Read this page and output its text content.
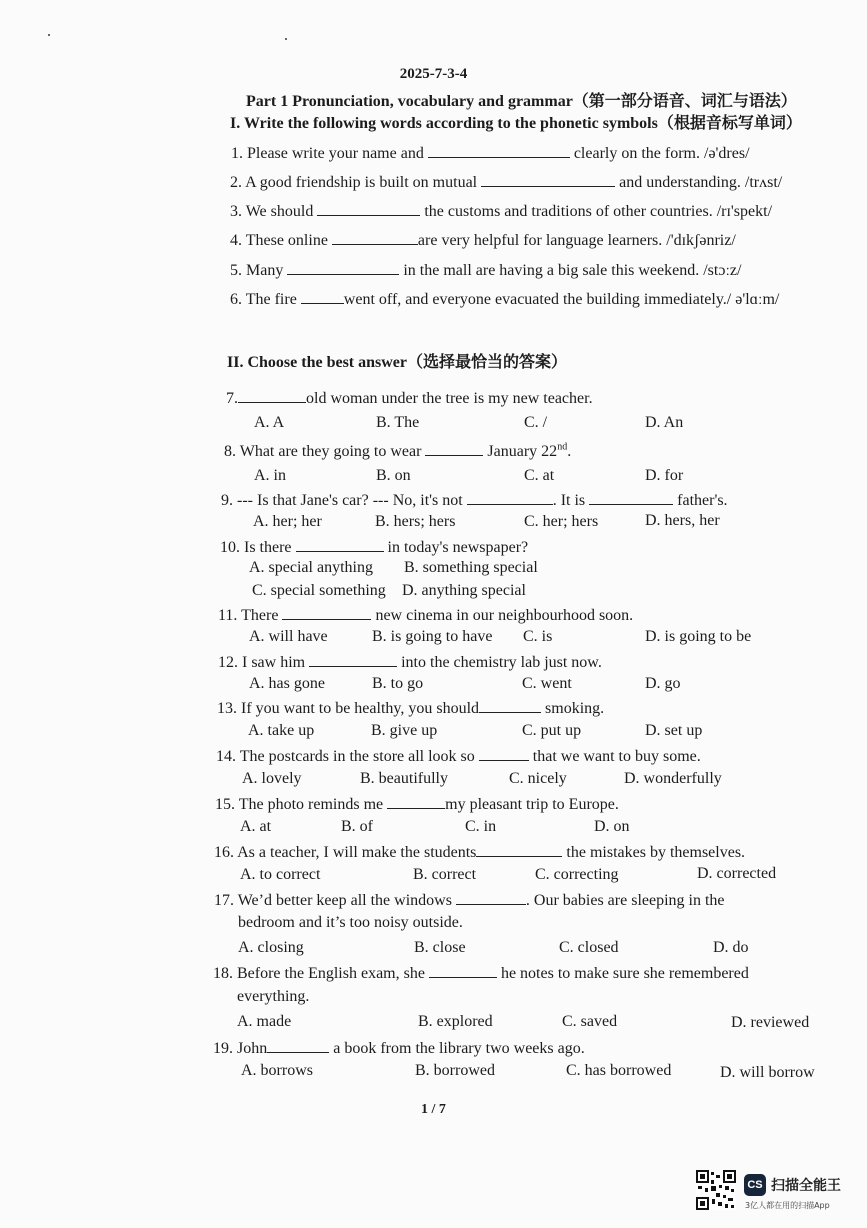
2025-7-3-4
Part 1 Pronunciation, vocabulary and grammar（第一部分语音、词汇与语法）
I. Write the following words according to the phonetic symbols（根据音标写单词）
1. Please write your name and	clearly on the form. /ə'dres/
2. A good friendship is built on mutual	and understanding. /trʌst/
3. We should	the customs and traditions of other countries. /rɪ'spekt/
4. These online	are very helpful for language learners. /'dɪkʃənriz/
5. Many	in the mall are having a big sale this weekend. /stɔːz/
6. The fire	went off, and everyone evacuated the building immediately./ ə'lɑːm/
II. Choose the best answer（选择最恰当的答案）
7.	old woman under the tree is my new teacher.
A. A	B. The	C. /	D. An
8. What are they going to wear	January 22nd.
A. in	B. on	C. at	D. for
9. --- Is that Jane's car? --- No, it's not	. It is	father's.
A. her; her	B. hers; hers	C. her; hers	D. hers, her
10. Is there	in today's newspaper?
A. special anything B. something special
C. special something D. anything special
11. There	new cinema in our neighbourhood soon.
A. will have	B. is going to have C. is	D. is going to be
12. I saw him	into the chemistry lab just now.
A. has gone	B. to go	C. went	D. go
13. If you want to be healthy, you should	smoking.
A. take up	B. give up	C. put up	D. set up
14. The postcards in the store all look so	that we want to buy some.
A. lovely	B. beautifully	C. nicely	D. wonderfully
15. The photo reminds me	my pleasant trip to Europe.
A. at	B. of	C. in	D. on
16. As a teacher, I will make the students	the mistakes by themselves.
A. to correct	B. correct	C. correcting	D. corrected
17. We’d better keep all the windows	. Our babies are sleeping in the
bedroom and it’s too noisy outside.
A. closing	B. close	C. closed	D. do
18. Before the English exam, she	he notes to make sure she remembered
everything.
A. made	B. explored	C. saved	D. reviewed
19. John	a book from the library two weeks ago.
A. borrows	B. borrowed	C. has borrowed	D. will borrow
1 / 7
CS 扫描全能王
3亿人都在用的扫描App
